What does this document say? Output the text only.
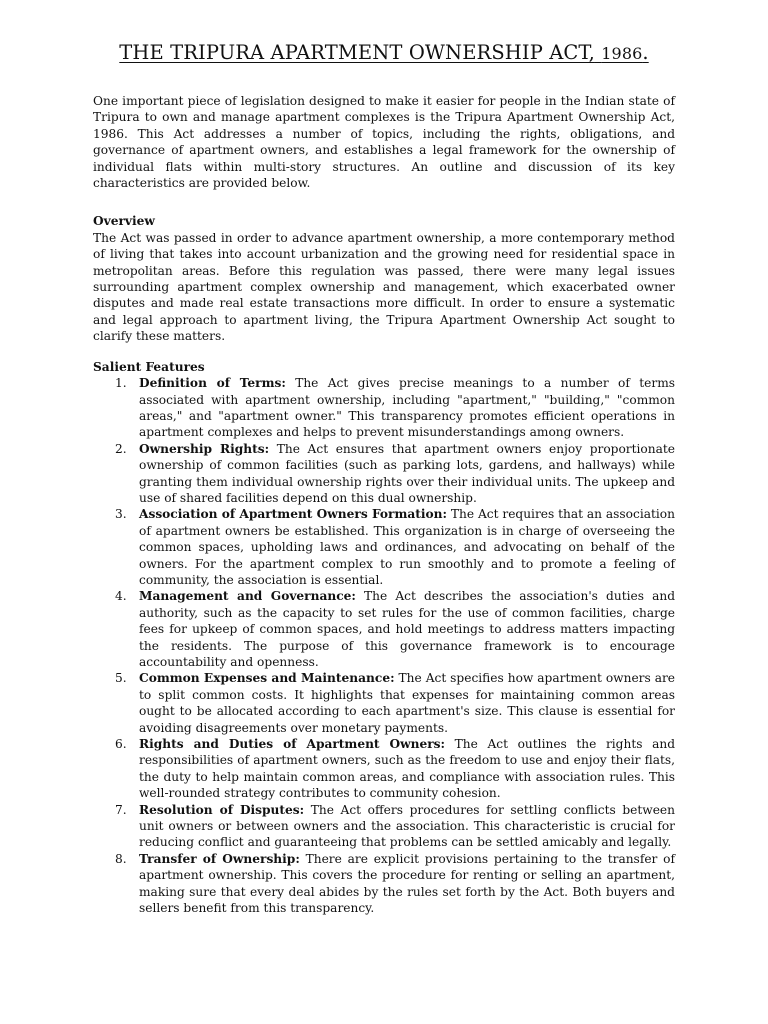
THE TRIPURA APARTMENT OWNERSHIP ACT, 1986.

One important piece of legislation designed to make it easier for people in the Indian state of Tripura to own and manage apartment complexes is the Tripura Apartment Ownership Act, 1986. This Act addresses a number of topics, including the rights, obligations, and governance of apartment owners, and establishes a legal framework for the ownership of individual flats within multi-story structures. An outline and discussion of its key characteristics are provided below.

Overview

The Act was passed in order to advance apartment ownership, a more contemporary method of living that takes into account urbanization and the growing need for residential space in metropolitan areas. Before this regulation was passed, there were many legal issues surrounding apartment complex ownership and management, which exacerbated owner disputes and made real estate transactions more difficult. In order to ensure a systematic and legal approach to apartment living, the Tripura Apartment Ownership Act sought to clarify these matters.

Salient Features
1. Definition of Terms: The Act gives precise meanings to a number of terms associated with apartment ownership, including "apartment," "building," "common areas," and "apartment owner." This transparency promotes efficient operations in apartment complexes and helps to prevent misunderstandings among owners.
2. Ownership Rights: The Act ensures that apartment owners enjoy proportionate ownership of common facilities (such as parking lots, gardens, and hallways) while granting them individual ownership rights over their individual units. The upkeep and use of shared facilities depend on this dual ownership.
3. Association of Apartment Owners Formation: The Act requires that an association of apartment owners be established. This organization is in charge of overseeing the common spaces, upholding laws and ordinances, and advocating on behalf of the owners. For the apartment complex to run smoothly and to promote a feeling of community, the association is essential.
4. Management and Governance: The Act describes the association's duties and authority, such as the capacity to set rules for the use of common facilities, charge fees for upkeep of common spaces, and hold meetings to address matters impacting the residents. The purpose of this governance framework is to encourage accountability and openness.
5. Common Expenses and Maintenance: The Act specifies how apartment owners are to split common costs. It highlights that expenses for maintaining common areas ought to be allocated according to each apartment's size. This clause is essential for avoiding disagreements over monetary payments.
6. Rights and Duties of Apartment Owners: The Act outlines the rights and responsibilities of apartment owners, such as the freedom to use and enjoy their flats, the duty to help maintain common areas, and compliance with association rules. This well-rounded strategy contributes to community cohesion.
7. Resolution of Disputes: The Act offers procedures for settling conflicts between unit owners or between owners and the association. This characteristic is crucial for reducing conflict and guaranteeing that problems can be settled amicably and legally.
8. Transfer of Ownership: There are explicit provisions pertaining to the transfer of apartment ownership. This covers the procedure for renting or selling an apartment, making sure that every deal abides by the rules set forth by the Act. Both buyers and sellers benefit from this transparency.
